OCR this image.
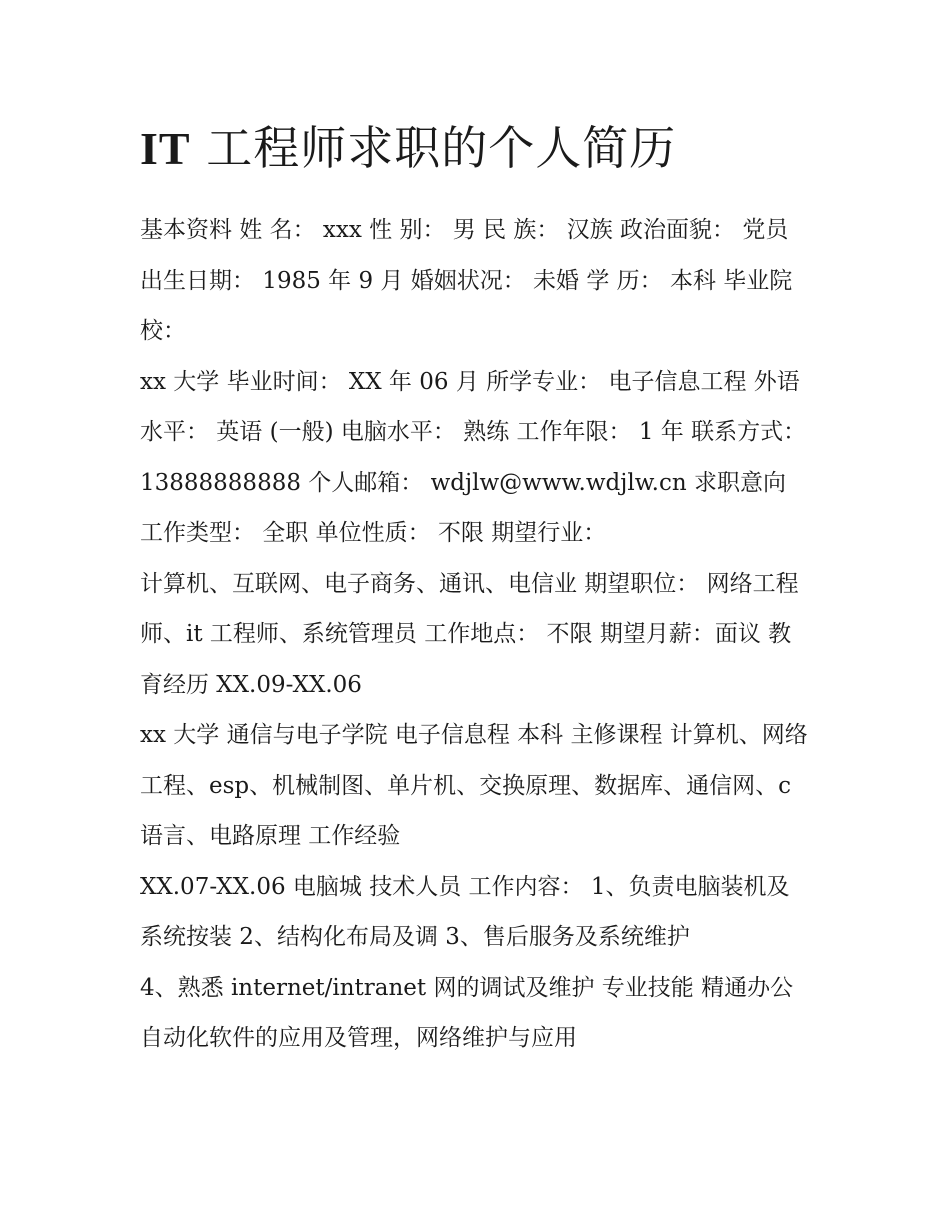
IT 工程师求职的个人简历

基本资料 姓 名： xxx 性 别： 男 民 族： 汉族 政治面貌： 党员 出生日期： 1985 年 9 月 婚姻状况： 未婚 学 历： 本科 毕业院校：

xx 大学 毕业时间： XX 年 06 月 所学专业： 电子信息工程 外语水平： 英语 (一般) 电脑水平： 熟练 工作年限： 1 年 联系方式：

13888888888 个人邮箱： wdjlw@www.wdjlw.cn 求职意向 工作类型： 全职 单位性质： 不限 期望行业：

计算机、互联网、电子商务、通讯、电信业 期望职位： 网络工程师、it 工程师、系统管理员 工作地点： 不限 期望月薪：面议 教育经历 XX.09-XX.06

xx 大学 通信与电子学院 电子信息程 本科 主修课程 计算机、网络工程、esp、机械制图、单片机、交换原理、数据库、通信网、c 语言、电路原理 工作经验

XX.07-XX.06 电脑城 技术人员 工作内容： 1、负责电脑装机及系统按装 2、结构化布局及调 3、售后服务及系统维护

4、熟悉 internet/intranet 网的调试及维护 专业技能 精通办公自动化软件的应用及管理，网络维护与应用
